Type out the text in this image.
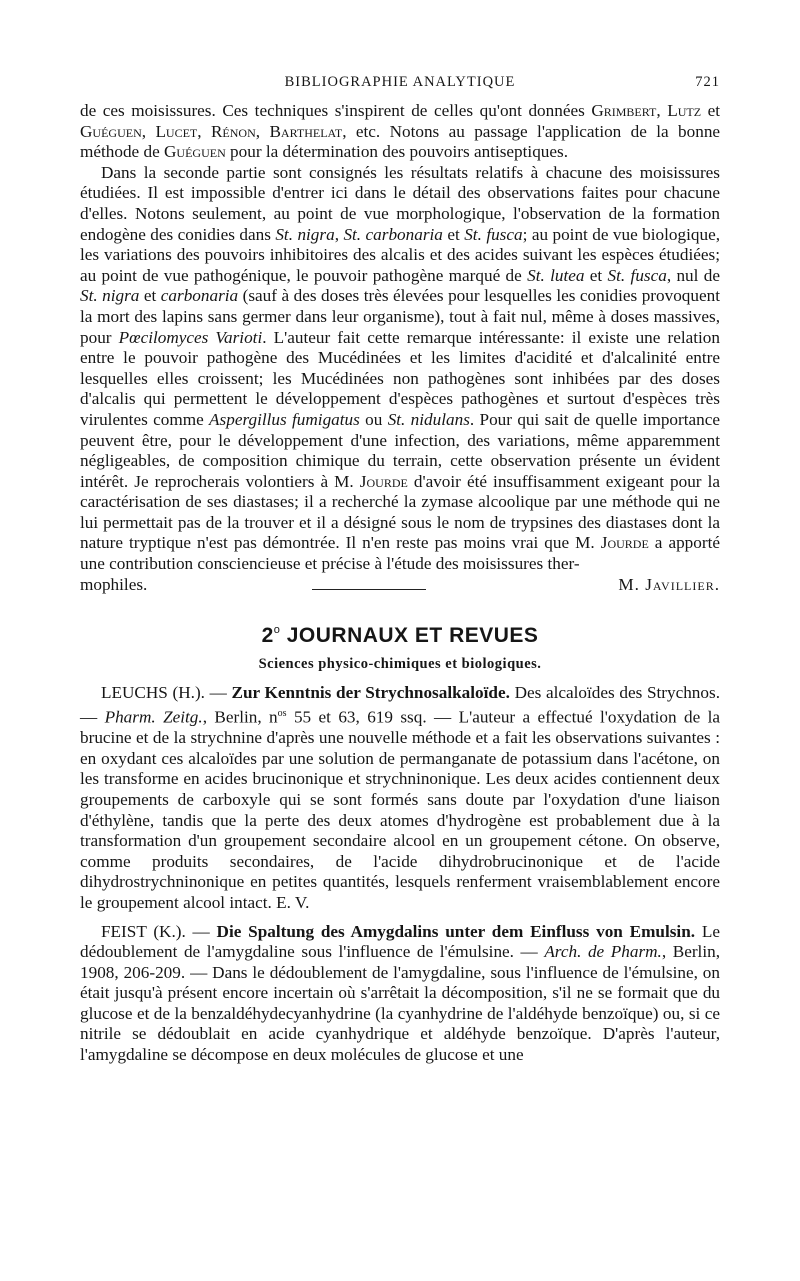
BIBLIOGRAPHIE ANALYTIQUE	721

de ces moisissures. Ces techniques s'inspirent de celles qu'ont données Grimbert, Lutz et Guéguen, Lucet, Rénon, Barthelat, etc. Notons au passage l'application de la bonne méthode de Guéguen pour la détermination des pouvoirs antiseptiques.

Dans la seconde partie sont consignés les résultats relatifs à chacune des moisissures étudiées. Il est impossible d'entrer ici dans le détail des observations faites pour chacune d'elles. Notons seulement, au point de vue morphologique, l'observation de la formation endogène des conidies dans St. nigra, St. carbonaria et St. fusca; au point de vue biologique, les variations des pouvoirs inhibitoires des alcalis et des acides suivant les espèces étudiées; au point de vue pathogénique, le pouvoir pathogène marqué de St. lutea et St. fusca, nul de St. nigra et carbonaria (sauf à des doses très élevées pour lesquelles les conidies provoquent la mort des lapins sans germer dans leur organisme), tout à fait nul, même à doses massives, pour Pœcilomyces Varioti. L'auteur fait cette remarque intéressante: il existe une relation entre le pouvoir pathogène des Mucédinées et les limites d'acidité et d'alcalinité entre lesquelles elles croissent; les Mucédinées non pathogènes sont inhibées par des doses d'alcalis qui permettent le développement d'espèces pathogènes et surtout d'espèces très virulentes comme Aspergillus fumigatus ou St. nidulans. Pour qui sait de quelle importance peuvent être, pour le développement d'une infection, des variations, même apparemment négligeables, de composition chimique du terrain, cette observation présente un évident intérêt. Je reprocherais volontiers à M. Jourde d'avoir été insuffisamment exigeant pour la caractérisation de ses diastases; il a recherché la zymase alcoolique par une méthode qui ne lui permettait pas de la trouver et il a désigné sous le nom de trypsines des diastases dont la nature tryptique n'est pas démontrée. Il n'en reste pas moins vrai que M. Jourde a apporté une contribution consciencieuse et précise à l'étude des moisissures ther-

mophiles.	M. Javillier.
2$^o$ JOURNAUX ET REVUES
Sciences physico-chimiques et biologiques.

LEUCHS (H.). — Zur Kenntnis der Strychnosalkaloïde. Des alcaloïdes des Strychnos. — Pharm. Zeitg., Berlin, $n^{os}$ 55 et 63, 619 ssq. — L'auteur a effectué l'oxydation de la brucine et de la strychnine d'après une nouvelle méthode et a fait les observations suivantes : en oxydant ces alcaloïdes par une solution de permanganate de potassium dans l'acétone, on les transforme en acides brucinonique et strychninonique. Les deux acides contiennent deux groupements de carboxyle qui se sont formés sans doute par l'oxydation d'une liaison d'éthylène, tandis que la perte des deux atomes d'hydrogène est probablement due à la transformation d'un groupement secondaire alcool en un groupement cétone. On observe, comme produits secondaires, de l'acide dihydrobrucinonique et de l'acide dihydrostrychninonique en petites quantités, lesquels renferment vraisemblablement encore le groupement alcool intact. E. V.

FEIST (K.). — Die Spaltung des Amygdalins unter dem Einfluss von Emulsin. Le dédoublement de l'amygdaline sous l'influence de l'émulsine. — Arch. de Pharm., Berlin, 1908, 206-209. — Dans le dédoublement de l'amygdaline, sous l'influence de l'émulsine, on était jusqu'à présent encore incertain où s'arrêtait la décomposition, s'il ne se formait que du glucose et de la benzaldéhydecyanhydrine (la cyanhydrine de l'aldéhyde benzoïque) ou, si ce nitrile se dédoublait en acide cyanhydrique et aldéhyde benzoïque. D'après l'auteur, l'amygdaline se décompose en deux molécules de glucose et une
